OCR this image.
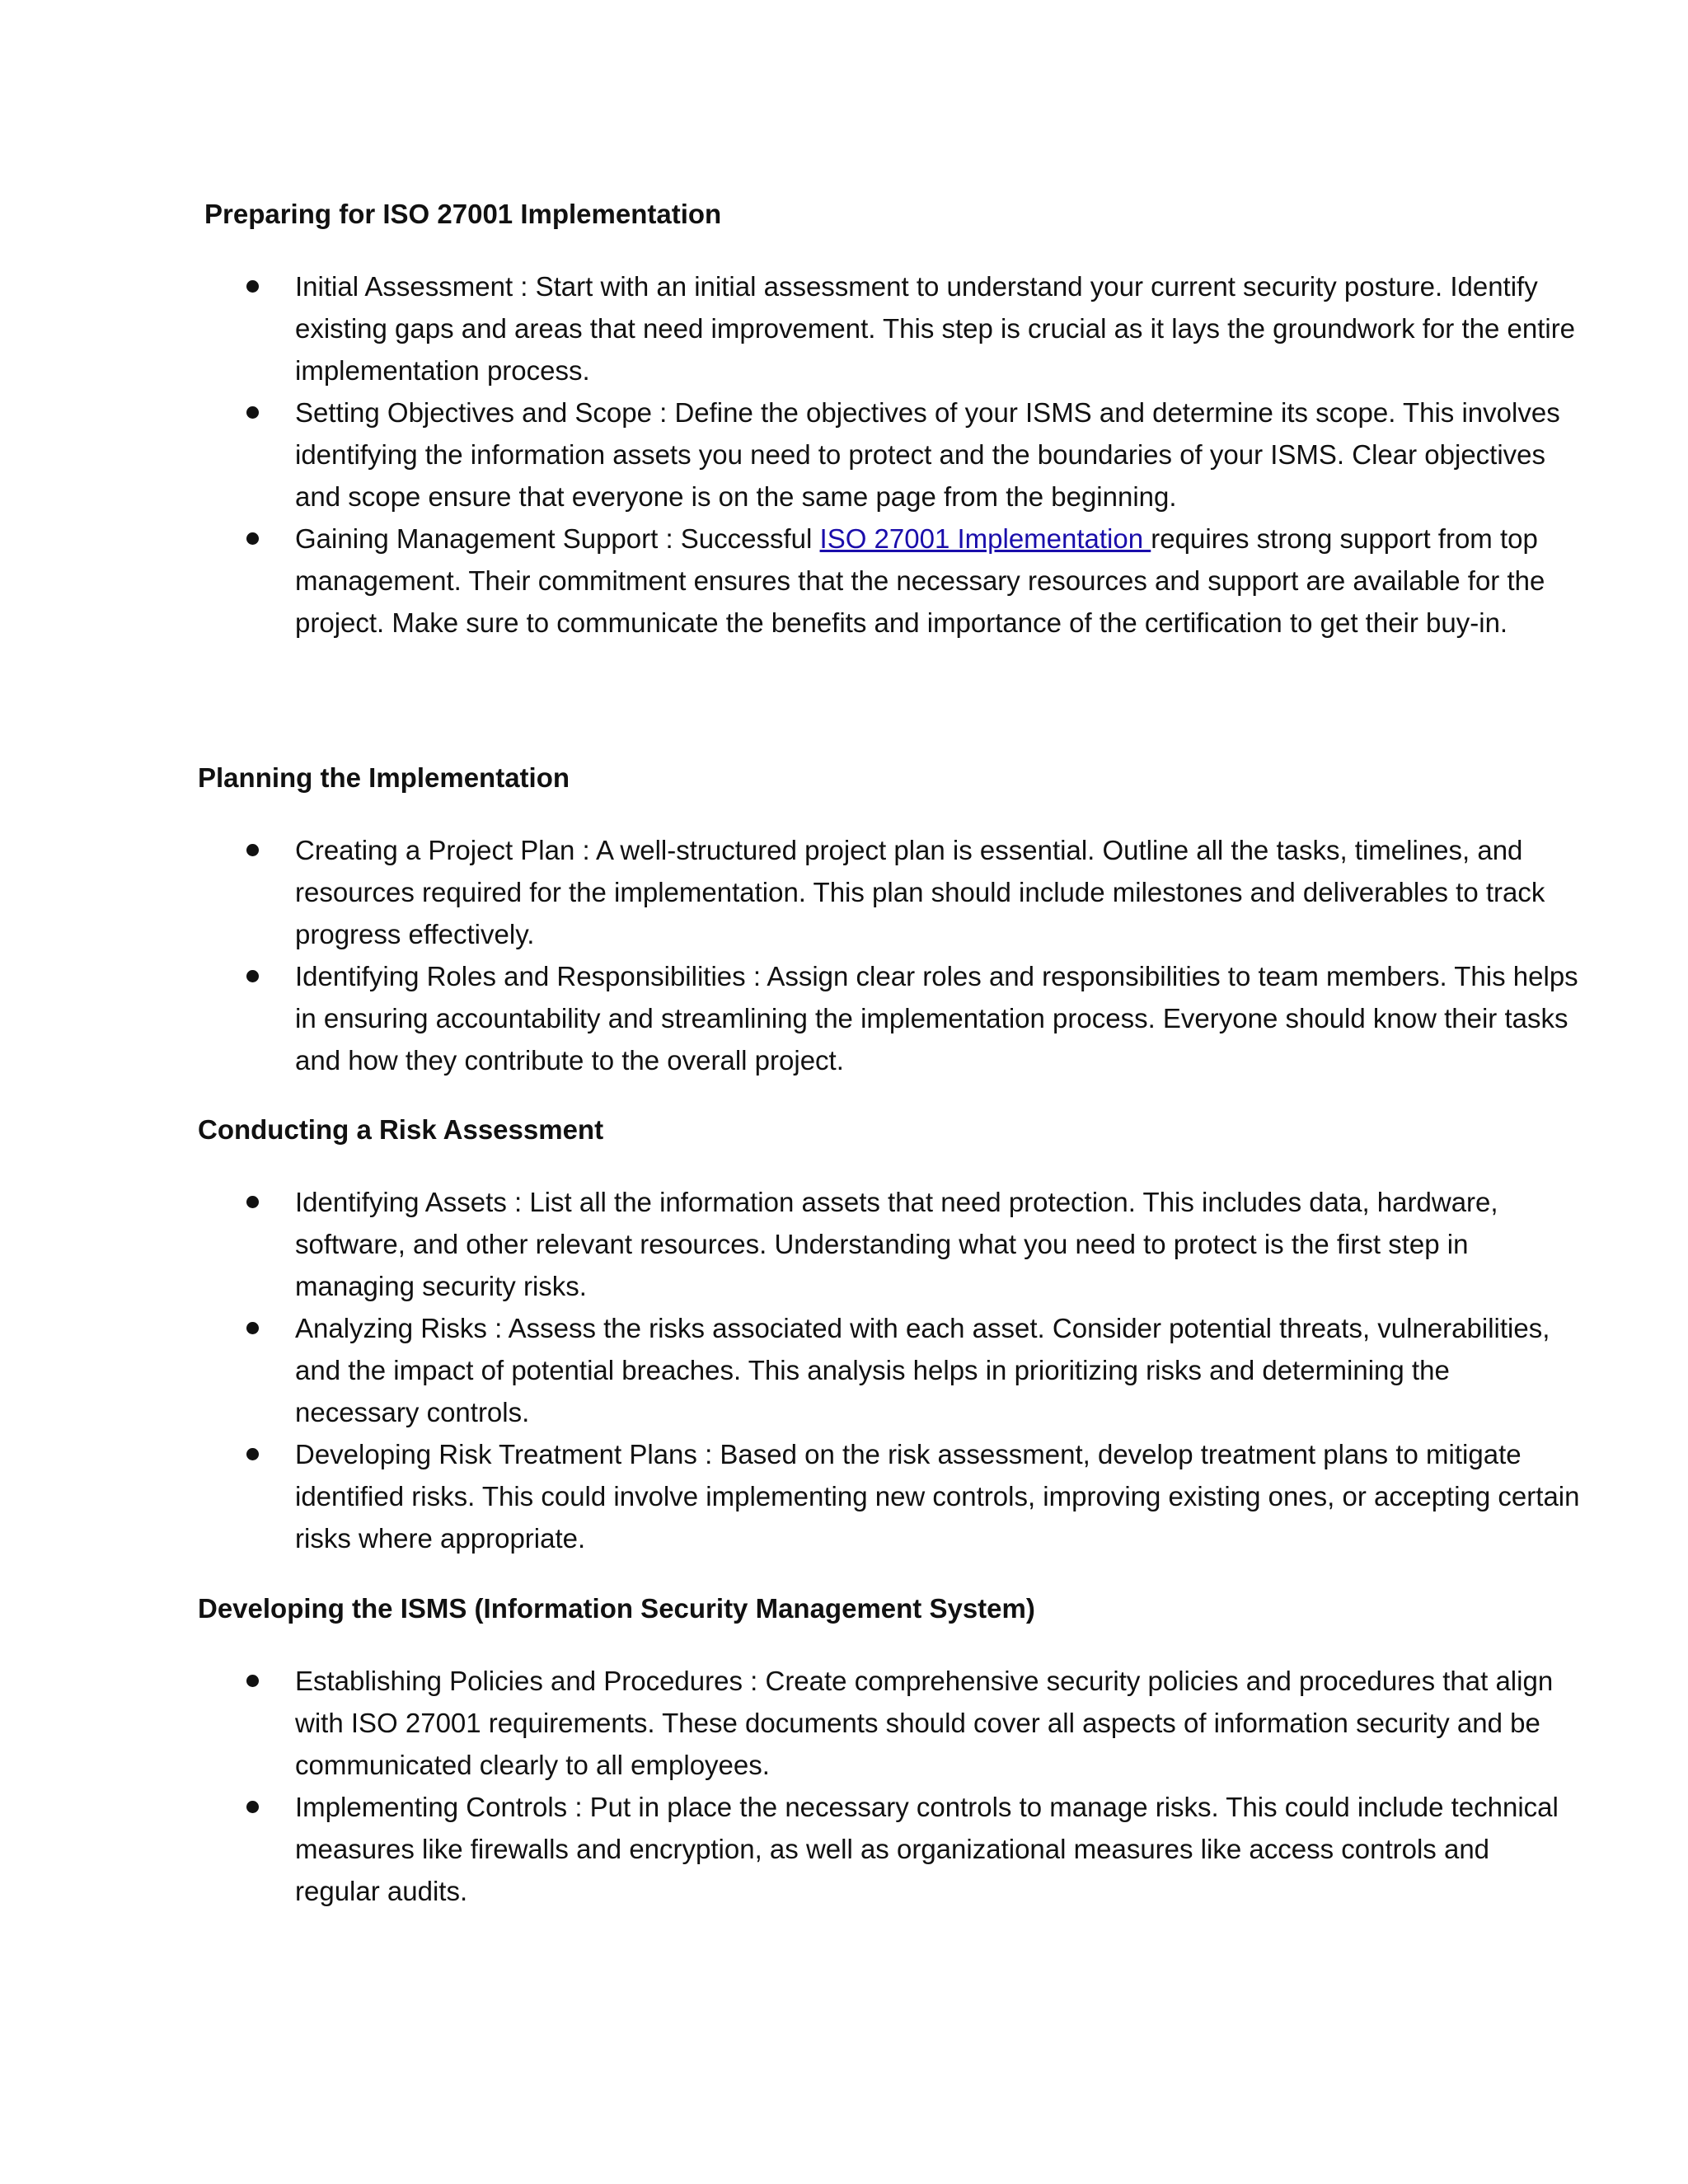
Preparing for ISO 27001 Implementation
Initial Assessment : Start with an initial assessment to understand your current security posture. Identify existing gaps and areas that need improvement. This step is crucial as it lays the groundwork for the entire implementation process.
Setting Objectives and Scope : Define the objectives of your ISMS and determine its scope. This involves identifying the information assets you need to protect and the boundaries of your ISMS. Clear objectives and scope ensure that everyone is on the same page from the beginning.
Gaining Management Support : Successful ISO 27001 Implementation requires strong support from top management. Their commitment ensures that the necessary resources and support are available for the project. Make sure to communicate the benefits and importance of the certification to get their buy-in.
Planning the Implementation
Creating a Project Plan : A well-structured project plan is essential. Outline all the tasks, timelines, and resources required for the implementation. This plan should include milestones and deliverables to track progress effectively.
Identifying Roles and Responsibilities : Assign clear roles and responsibilities to team members. This helps in ensuring accountability and streamlining the implementation process. Everyone should know their tasks and how they contribute to the overall project.
Conducting a Risk Assessment
Identifying Assets : List all the information assets that need protection. This includes data, hardware, software, and other relevant resources. Understanding what you need to protect is the first step in managing security risks.
Analyzing Risks : Assess the risks associated with each asset. Consider potential threats, vulnerabilities, and the impact of potential breaches. This analysis helps in prioritizing risks and determining the necessary controls.
Developing Risk Treatment Plans : Based on the risk assessment, develop treatment plans to mitigate identified risks. This could involve implementing new controls, improving existing ones, or accepting certain risks where appropriate.
Developing the ISMS (Information Security Management System)
Establishing Policies and Procedures : Create comprehensive security policies and procedures that align with ISO 27001 requirements. These documents should cover all aspects of information security and be communicated clearly to all employees.
Implementing Controls : Put in place the necessary controls to manage risks. This could include technical measures like firewalls and encryption, as well as organizational measures like access controls and regular audits.
